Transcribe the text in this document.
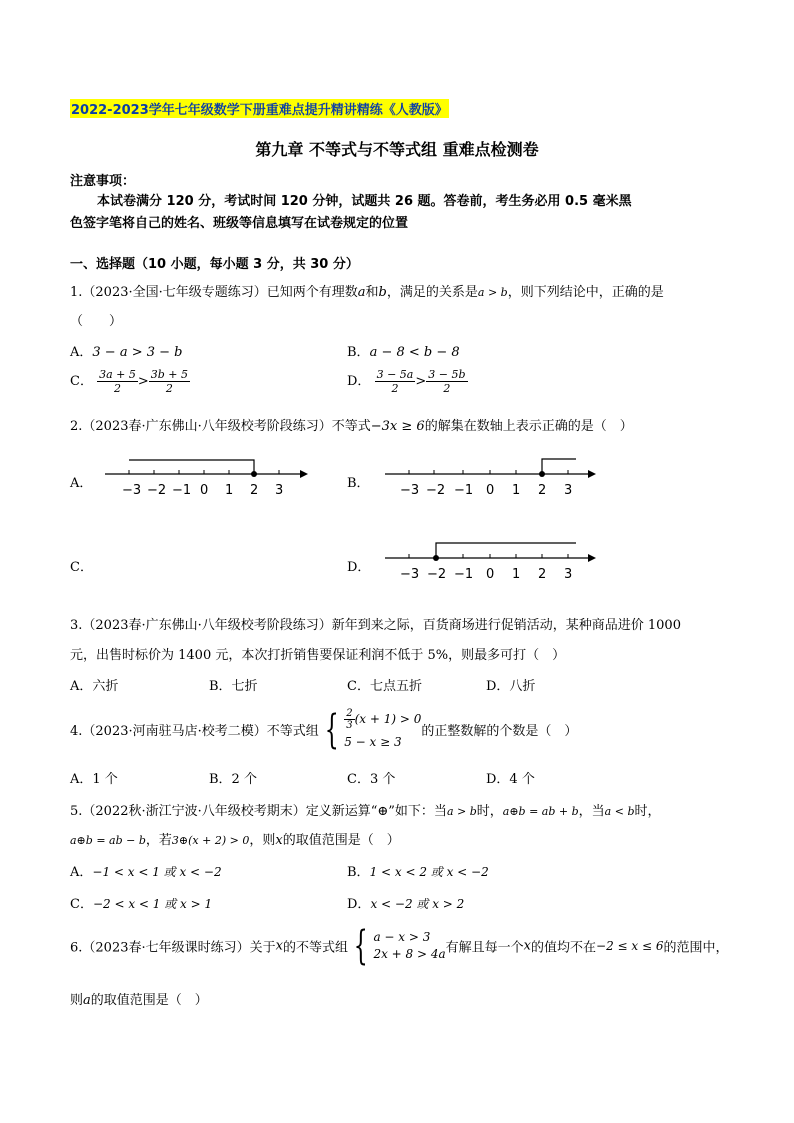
2022-2023学年七年级数学下册重难点提升精讲精练《人教版》
第九章 不等式与不等式组 重难点检测卷
注意事项：
本试卷满分 120 分，考试时间 120 分钟，试题共 26 题。答卷前，考生务必用 0.5 毫米黑
色签字笔将自己的姓名、班级等信息填写在试卷规定的位置
一、选择题（10 小题，每小题 3 分，共 30 分）
1.（2023·全国·七年级专题练习）已知两个有理数a和b，满足的关系是a > b，则下列结论中，正确的是
（　　）
A．3 − a > 3 − b	B．a − 8 < b − 8
C． $\frac{3a + 5}{2} > \frac{3b + 5}{2}$	D． $\frac{3 - 5a}{2} > \frac{3 - 5b}{2}$
2.（2023春·广东佛山·八年级校考阶段练习）不等式−3x ≥ 6的解集在数轴上表示正确的是（　）
A．	B．
C．	D．
−3 −2 −1 0 1 2 3	−3 −2 −1 0 1 2 3
−3 −2 −1 0 1 2 3
3.（2023春·广东佛山·八年级校考阶段练习）新年到来之际，百货商场进行促销活动，某种商品进价 1000
元，出售时标价为 1400 元，本次打折销售要保证利润不低于 5%，则最多可打（　）
A．六折	B．七折	C．七点五折	D．八折
4.（2023·河南驻马店·校考二模）不等式组 { $\frac{2}{3} (x + 1) > 0$
5 − x ≥ 3
的正整数解的个数是（　）
A．1 个	B．2 个	C．3 个	D．4 个
5.（2022秋·浙江宁波·八年级校考期末）定义新运算“⊕”如下：当a > b时，a⊕b = ab + b，当a < b时，
a⊕b = ab − b，若3⊕(x + 2) > 0，则x的取值范围是（　）
A．−1 < x < 1 或 x < −2	B．1 < x < 2 或 x < −2
C．−2 < x < 1 或 x > 1	D．x < −2 或 x > 2
6.（2023春·七年级课时练习）关于x的不等式组 { a − x > 3
2x + 8 > 4a 有解且每一个x的值均不在−2 ≤ x ≤ 6的范围中，
则a的取值范围是（　）
